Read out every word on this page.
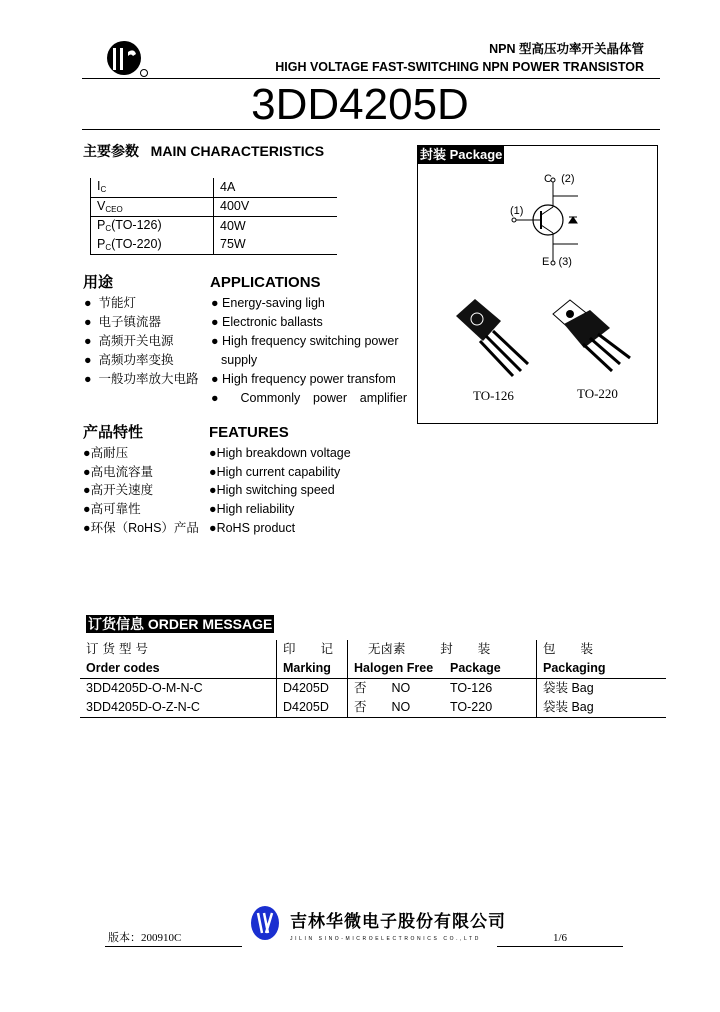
NPN 型高压功率开关晶体管
HIGH VOLTAGE FAST-SWITCHING NPN POWER TRANSISTOR
3DD4205D
主要参数 MAIN CHARACTERISTICS
$I_C$	4A
$V_{CEO}$	400V
$P_C(TO-126)$	40W
$P_C(TO-220)$	75W
用途	APPLICATIONS
●  节能灯
●  电子镇流器
●  高频开关电源
●  高频功率变换
●  一般功率放大电路
● Energy-saving ligh
● Electronic ballasts
● High frequency switching power
supply
● High frequency power transfom
● Commonly power amplifier
产品特性	FEATURES
●高耐压
●高电流容量
●高开关速度
●高可靠性
●环保（RoHS）产品
●High breakdown voltage
●High current capability
●High switching speed
●High reliability
●RoHS product
封装 Package
C (2)
(1)
E (3)
TO-126	TO-220
订货信息 ORDER MESSAGE
订货型号	印　　记	无卤素 封　　装		包　　装
Order codes	Marking	Halogen Free	Package	Packaging
3DD4205D-O-M-N-C	D4205D	否　　NO	TO-126	袋装 Bag
3DD4205D-O-Z-N-C	D4205D	否　　NO	TO-220	袋装 Bag
吉林华微电子股份有限公司
JILIN SINO-MICROELECTRONICS CO.,LTD
版本：200910C	1/6
